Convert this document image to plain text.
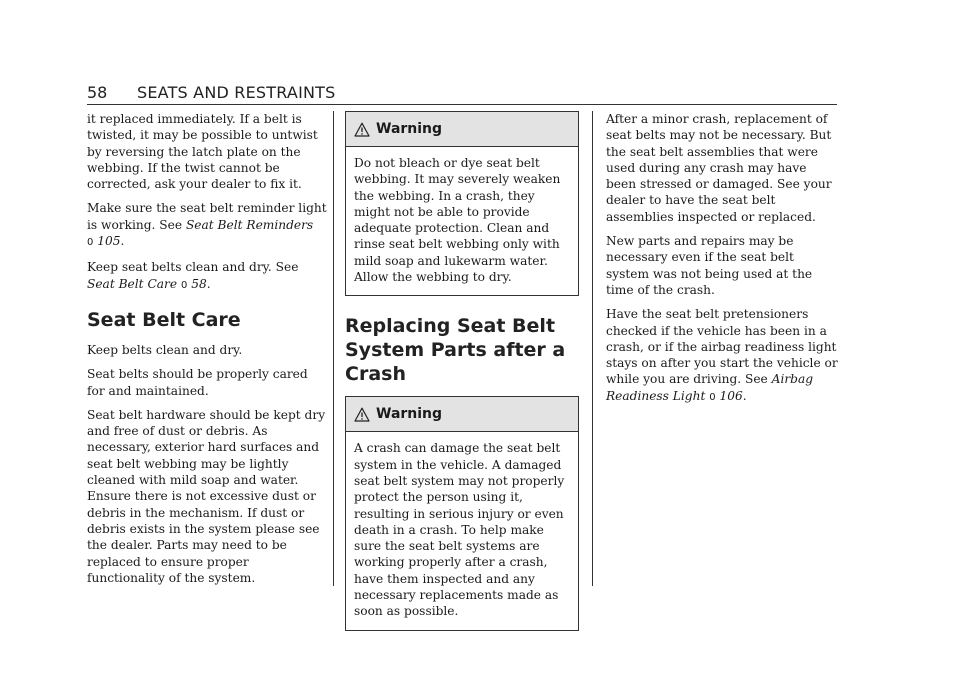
58 SEATS AND RESTRAINTS

it replaced immediately. If a belt is twisted, it may be possible to untwist by reversing the latch plate on the webbing. If the twist cannot be corrected, ask your dealer to fix it.

Make sure the seat belt reminder light is working. See Seat Belt Reminders
0 105.

Keep seat belts clean and dry. See Seat Belt Care 0 58.

Seat Belt Care

Keep belts clean and dry.

Seat belts should be properly cared for and maintained.

Seat belt hardware should be kept dry and free of dust or debris. As necessary, exterior hard surfaces and seat belt webbing may be lightly cleaned with mild soap and water. Ensure there is not excessive dust or debris in the mechanism. If dust or debris exists in the system please see the dealer. Parts may need to be replaced to ensure proper functionality of the system.

Warning

Do not bleach or dye seat belt webbing. It may severely weaken the webbing. In a crash, they might not be able to provide adequate protection. Clean and rinse seat belt webbing only with mild soap and lukewarm water. Allow the webbing to dry.

Replacing Seat Belt System Parts after a Crash
Warning

A crash can damage the seat belt system in the vehicle. A damaged seat belt system may not properly protect the person using it, resulting in serious injury or even death in a crash. To help make sure the seat belt systems are working properly after a crash, have them inspected and any necessary replacements made as soon as possible.

After a minor crash, replacement of seat belts may not be necessary. But the seat belt assemblies that were used during any crash may have been stressed or damaged. See your dealer to have the seat belt assemblies inspected or replaced.

New parts and repairs may be necessary even if the seat belt system was not being used at the time of the crash.

Have the seat belt pretensioners checked if the vehicle has been in a crash, or if the airbag readiness light stays on after you start the vehicle or while you are driving. See Airbag Readiness Light 0 106.
